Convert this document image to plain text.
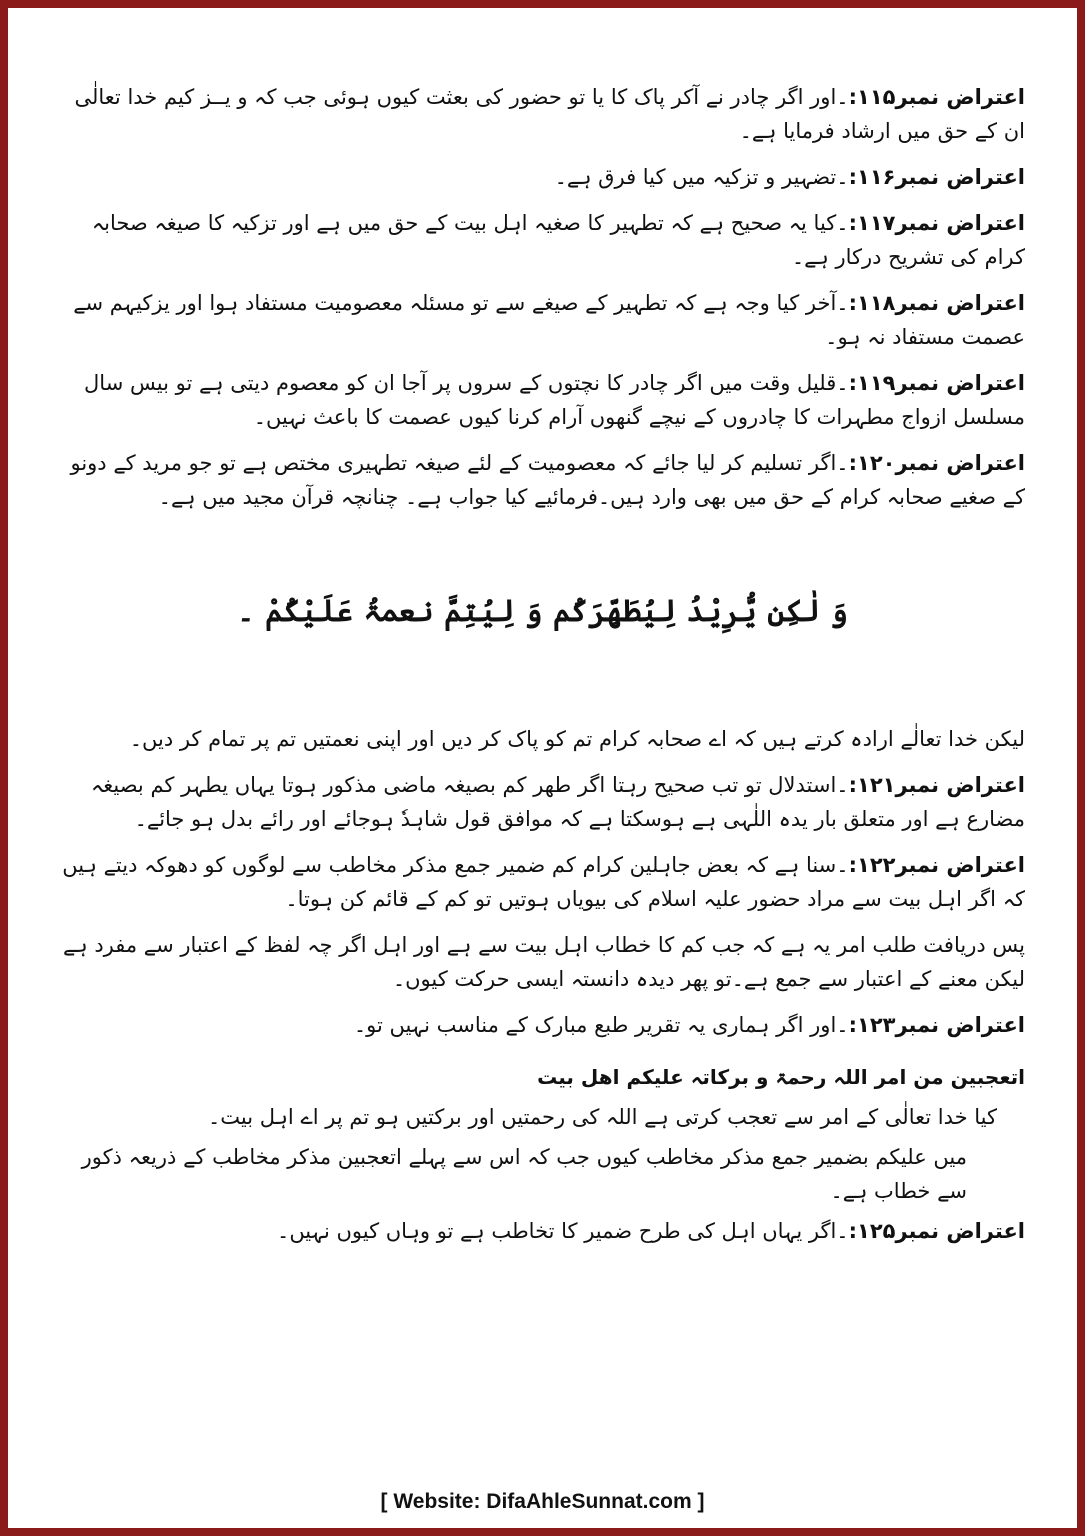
اعتراض نمبر۱۱۵:۔اور اگر چادر نے آکر پاک کا یا تو حضور کی بعثت کیوں ہوئی جب کہ و یــز کیم خدا تعالٰی ان کے حق میں ارشاد فرمایا ہے۔

اعتراض نمبر۱۱۶:۔تضہیر و تزکیہ میں کیا فرق ہے۔

اعتراض نمبر۱۱۷:۔کیا یہ صحیح ہے کہ تطہیر کا صغیہ اہل بیت کے حق میں ہے اور تزکیہ کا صیغہ صحابہ کرام کی تشریح درکار ہے۔

اعتراض نمبر۱۱۸:۔آخر کیا وجہ ہے کہ تطہیر کے صیغے سے تو مسئلہ معصومیت مستفاد ہوا اور یزکیہم سے عصمت مستفاد نہ ہو۔

اعتراض نمبر۱۱۹:۔قلیل وقت میں اگر چادر کا نچتوں کے سروں پر آجا ان کو معصوم دیتی ہے تو بیس سال مسلسل ازواج مطہرات کا چادروں کے نیچے گنھوں آرام کرنا کیوں عصمت کا باعث نہیں۔

اعتراض نمبر۱۲۰:۔اگر تسلیم کر لیا جائے کہ معصومیت کے لئے صیغہ تطہیری مختص ہے تو جو مرید کے دونو کے صغیے صحابہ کرام کے حق میں بھی وارد ہیں۔فرمائیے کیا جواب ہے۔ چنانچہ قرآن مجید میں ہے۔

وَ لٰکِن یُّرِیْدُ لِیُطَھِّرَکُم وَ لِیُتِمَّ نعمۃُ عَلَیْکُمْ ۔

لیکن خدا تعالٰے ارادہ کرتے ہیں کہ اے صحابہ کرام تم کو پاک کر دیں اور اپنی نعمتیں تم پر تمام کر دیں۔

اعتراض نمبر۱۲۱:۔استدلال تو تب صحیح رہتا اگر طھر کم بصیغہ ماضی مذکور ہوتا یہاں یطہر کم بصیغہ مضارع ہے اور متعلق بار یدہ اللٰہی ہے ہوسکتا ہے کہ موافق قول شاہدٗ ہوجائے اور رائے بدل ہو جائے۔

اعتراض نمبر۱۲۲:۔سنا ہے کہ بعض جاہلین کرام کم ضمیر جمع مذکر مخاطب سے لوگوں کو دھوکہ دیتے ہیں کہ اگر اہل بیت سے مراد حضور علیہ اسلام کی بیویاں ہوتیں تو کم کے قائم کن ہوتا۔

پس دریافت طلب امر یہ ہے کہ جب کم کا خطاب اہل بیت سے ہے اور اہل اگر چہ لفظ کے اعتبار سے مفرد ہے لیکن معنے کے اعتبار سے جمع ہے۔تو پھر دیدہ دانستہ ایسی حرکت کیوں۔

اعتراض نمبر۱۲۳:۔اور اگر ہماری یہ تقریر طبع مبارک کے مناسب نہیں تو۔

اتعجبین من امر اللہ رحمۃ و برکاتہ علیکم اھل بیت

کیا خدا تعالٰی کے امر سے تعجب کرتی ہے اللہ کی رحمتیں اور برکتیں ہو تم پر اے اہل بیت۔

میں علیکم بضمیر جمع مذکر مخاطب کیوں جب کہ اس سے پہلے اتعجبین مذکر مخاطب کے ذریعہ ذکور سے خطاب ہے۔

اعتراض نمبر۱۲۵:۔اگر یہاں اہل کی طرح ضمیر کا تخاطب ہے تو وہاں کیوں نہیں۔

[ Website: DifaAhleSunnat.com ]
